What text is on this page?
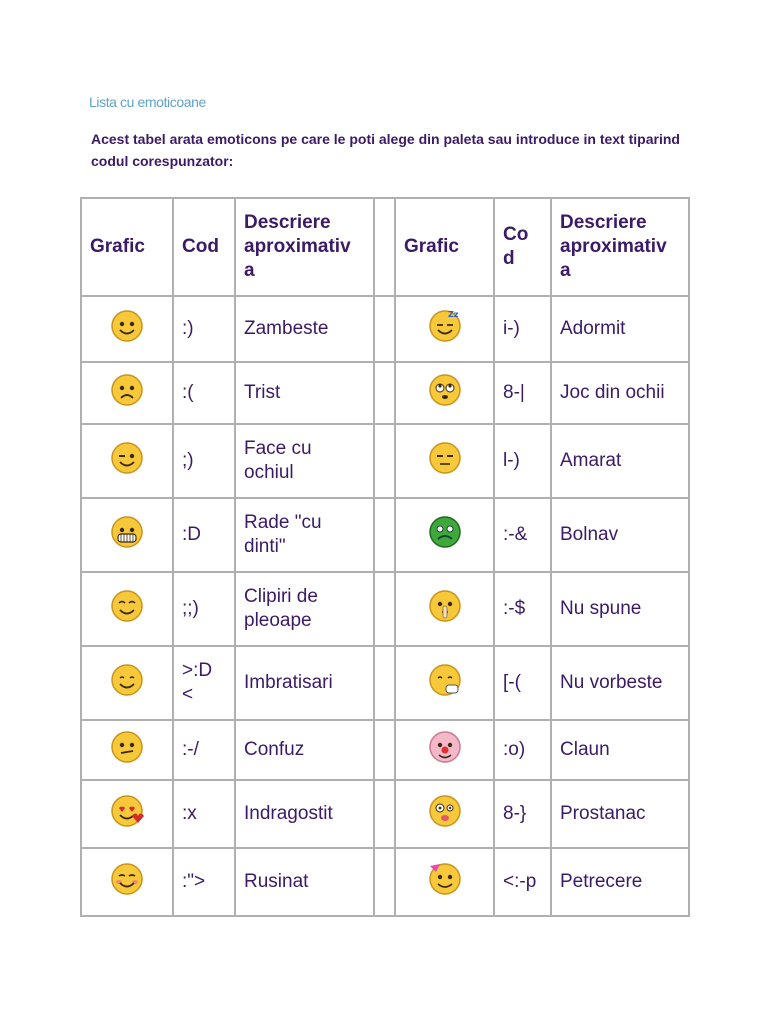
Lista cu emoticoane
Acest tabel arata emoticons pe care le poti alege din paleta sau introduce in text tiparind codul corespunzator:
Grafic	Cod	Descriere aproximativ a		Grafic	Co d	Descriere aproximativ a
	:)	Zambeste		Zz	i-)	Adormit
	:(	Trist			8-|	Joc din ochii
	;)	Face cu ochiul			l-)	Amarat
	:D	Rade "cu dinti"			:-&	Bolnav
	;;)	Clipiri de pleoape			:-$	Nu spune
	>:D <	Imbratisari			[-(	Nu vorbeste
	:-/	Confuz			:o)	Claun
	:x	Indragostit			8-}	Prostanac
	:">	Rusinat			<:-p	Petrecere
